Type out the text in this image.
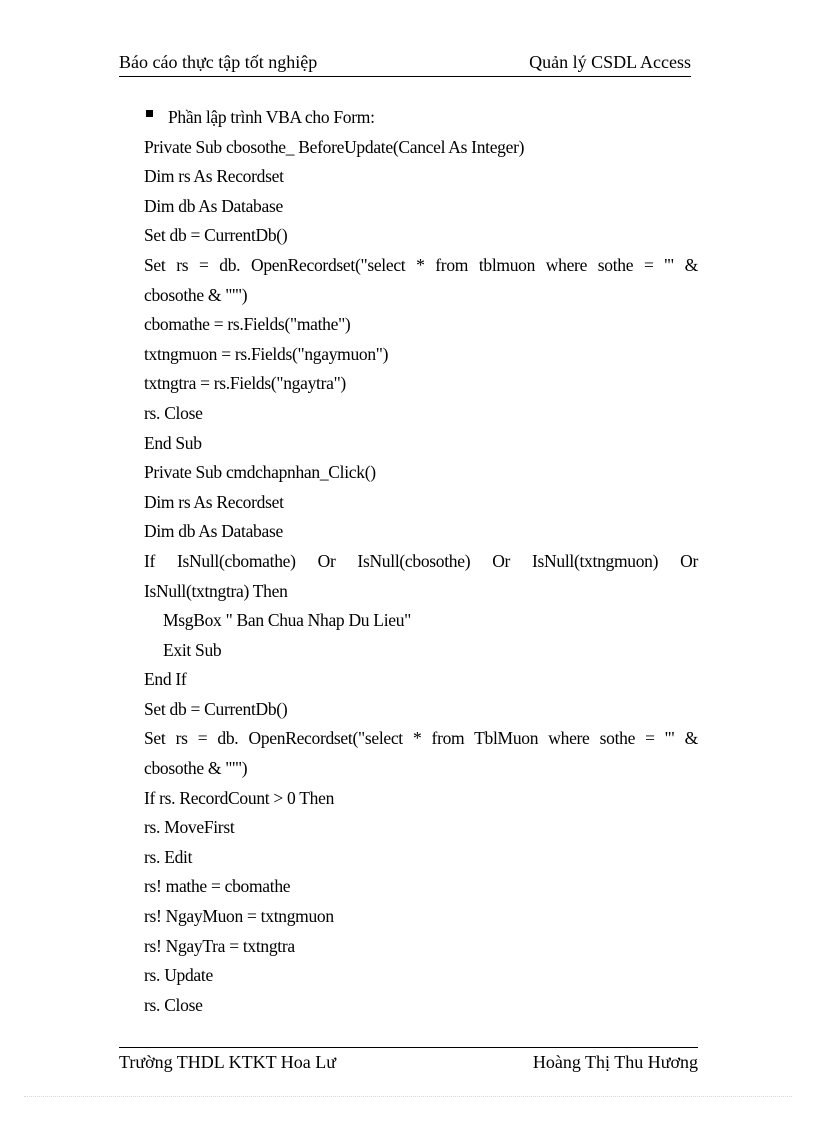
Báo cáo thực tập tốt nghiệp	Quản lý CSDL Access
Phần lập trình VBA cho Form:
Private Sub cbosothe_ BeforeUpdate(Cancel As Integer)
Dim rs As Recordset
Dim db As Database
Set db = CurrentDb()
Set rs = db. OpenRecordset("select * from tblmuon where sothe = '" &
cbosothe & "'")
cbomathe = rs.Fields("mathe")
txtngmuon = rs.Fields("ngaymuon")
txtngtra = rs.Fields("ngaytra")
rs. Close
End Sub
Private Sub cmdchapnhan_Click()
Dim rs As Recordset
Dim db As Database
If IsNull(cbomathe) Or IsNull(cbosothe) Or IsNull(txtngmuon) Or
IsNull(txtngtra) Then
MsgBox " Ban Chua Nhap Du Lieu"
Exit Sub
End If
Set db = CurrentDb()
Set rs = db. OpenRecordset("select * from TblMuon where sothe = '" &
cbosothe & "'")
If rs. RecordCount > 0 Then
rs. MoveFirst
rs. Edit
rs! mathe = cbomathe
rs! NgayMuon = txtngmuon
rs! NgayTra = txtngtra
rs. Update
rs. Close
Trường THDL KTKT Hoa Lư	Hoàng Thị Thu Hương
